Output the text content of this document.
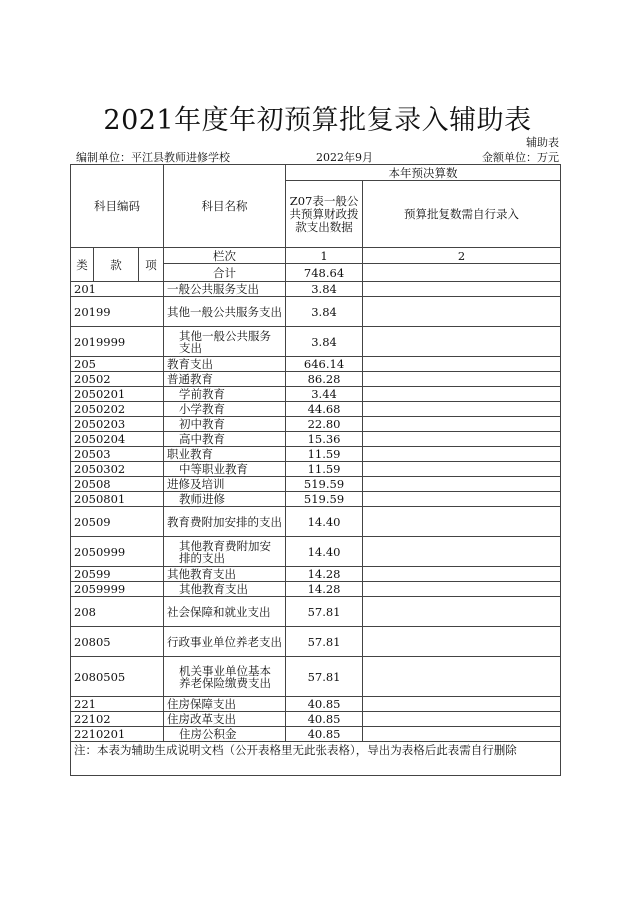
2021年度年初预算批复录入辅助表
辅助表
编制单位：平江县教师进修学校	2022年9月	金额单位：万元
科目编码			科目名称	本年预决算数	
				Z07表一般公共预算财政拨款支出数据	预算批复数需自行录入
类	款	项	栏次	1	2
			合计	748.64	
201			一般公共服务支出	3.84	
20199			其他一般公共服务支出	3.84	
2019999			其他一般公共服务支出	3.84	
205			教育支出	646.14	
20502			普通教育	86.28	
2050201			学前教育	3.44	
2050202			小学教育	44.68	
2050203			初中教育	22.80	
2050204			高中教育	15.36	
20503			职业教育	11.59	
2050302			中等职业教育	11.59	
20508			进修及培训	519.59	
2050801			教师进修	519.59	
20509			教育费附加安排的支出	14.40	
2050999			其他教育费附加安排的支出	14.40	
20599			其他教育支出	14.28	
2059999			其他教育支出	14.28	
208			社会保障和就业支出	57.81	
20805			行政事业单位养老支出	57.81	
2080505			机关事业单位基本养老保险缴费支出	57.81	
221			住房保障支出	40.85	
22102			住房改革支出	40.85	
2210201			住房公积金	40.85	
注：本表为辅助生成说明文档（公开表格里无此张表格），导出为表格后此表需自行删除					
